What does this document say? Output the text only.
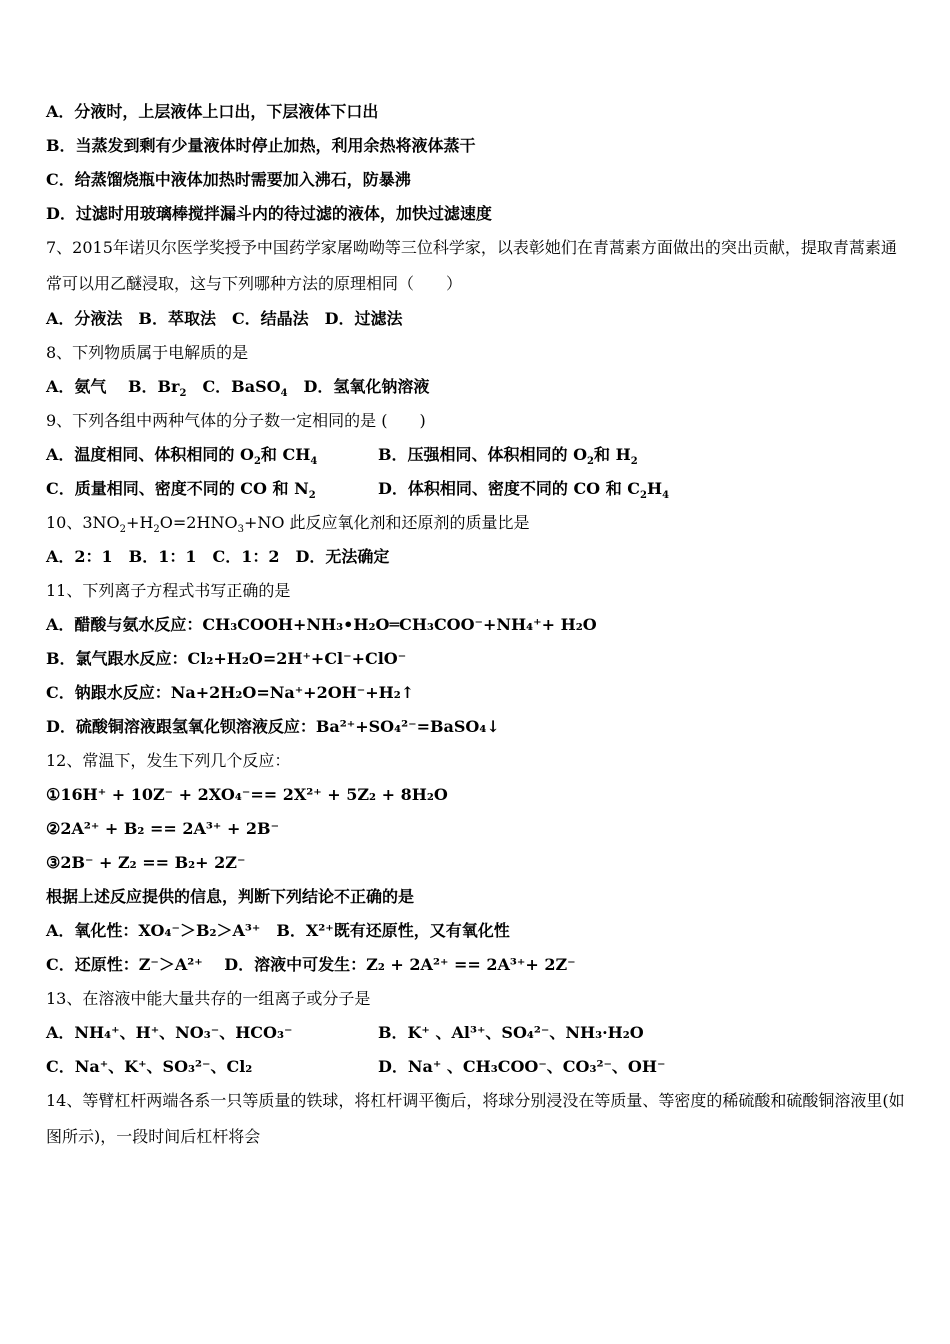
A．分液时，上层液体上口出，下层液体下口出
B．当蒸发到剩有少量液体时停止加热，利用余热将液体蒸干
C．给蒸馏烧瓶中液体加热时需要加入沸石，防暴沸
D．过滤时用玻璃棒搅拌漏斗内的待过滤的液体，加快过滤速度
7、2015年诺贝尔医学奖授予中国药学家屠呦呦等三位科学家，以表彰她们在青蒿素方面做出的突出贡献，提取青蒿素通常可以用乙醚浸取，这与下列哪种方法的原理相同（　　）
A．分液法　B．萃取法　C．结晶法　D．过滤法
8、下列物质属于电解质的是
A．氨气　 B．$Br_2$　C．BaSO$_4$　D．氢氧化钠溶液
9、下列各组中两种气体的分子数一定相同的是 (　　)
A．温度相同、体积相同的 $O_2$和 $CH_4$	B．压强相同、体积相同的 $O_2$和 $H_2$
C．质量相同、密度不同的 CO 和 $N_2$	D．体积相同、密度不同的 CO 和 $C_2H_4$
10、$3NO_2+H_2O=2HNO_3+NO$ 此反应氧化剂和还原剂的质量比是
A．2：1　B．1：1　C．1：2　D．无法确定
11、下列离子方程式书写正确的是
A．醋酸与氨水反应：CH₃COOH+NH₃•H₂O═CH₃COO⁻+NH₄⁺+ H₂O
B．氯气跟水反应：Cl₂+H₂O=2H⁺+Cl⁻+ClO⁻
C．钠跟水反应：Na+2H₂O=Na⁺+2OH⁻+H₂↑
D．硫酸铜溶液跟氢氧化钡溶液反应：Ba²⁺+SO₄²⁻=BaSO₄↓
12、常温下，发生下列几个反应：
①16H⁺ + 10Z⁻ + 2XO₄⁻== 2X²⁺ + 5Z₂ + 8H₂O
②2A²⁺ + B₂ == 2A³⁺ + 2B⁻
③2B⁻ + Z₂ == B₂+ 2Z⁻
根据上述反应提供的信息，判断下列结论不正确的是
A．氧化性：XO₄⁻＞B₂＞A³⁺　B．X²⁺既有还原性，又有氧化性
C．还原性：Z⁻＞A²⁺　 D．溶液中可发生：Z₂ + 2A²⁺ == 2A³⁺+ 2Z⁻
13、在溶液中能大量共存的一组离子或分子是
A．NH₄⁺、H⁺、NO₃⁻、HCO₃⁻	B．K⁺ 、Al³⁺、SO₄²⁻、NH₃·H₂O
C．Na⁺、K⁺、SO₃²⁻、Cl₂	D．Na⁺ 、CH₃COO⁻、CO₃²⁻、OH⁻
14、等臂杠杆两端各系一只等质量的铁球，将杠杆调平衡后，将球分别浸没在等质量、等密度的稀硫酸和硫酸铜溶液里(如图所示)，一段时间后杠杆将会
